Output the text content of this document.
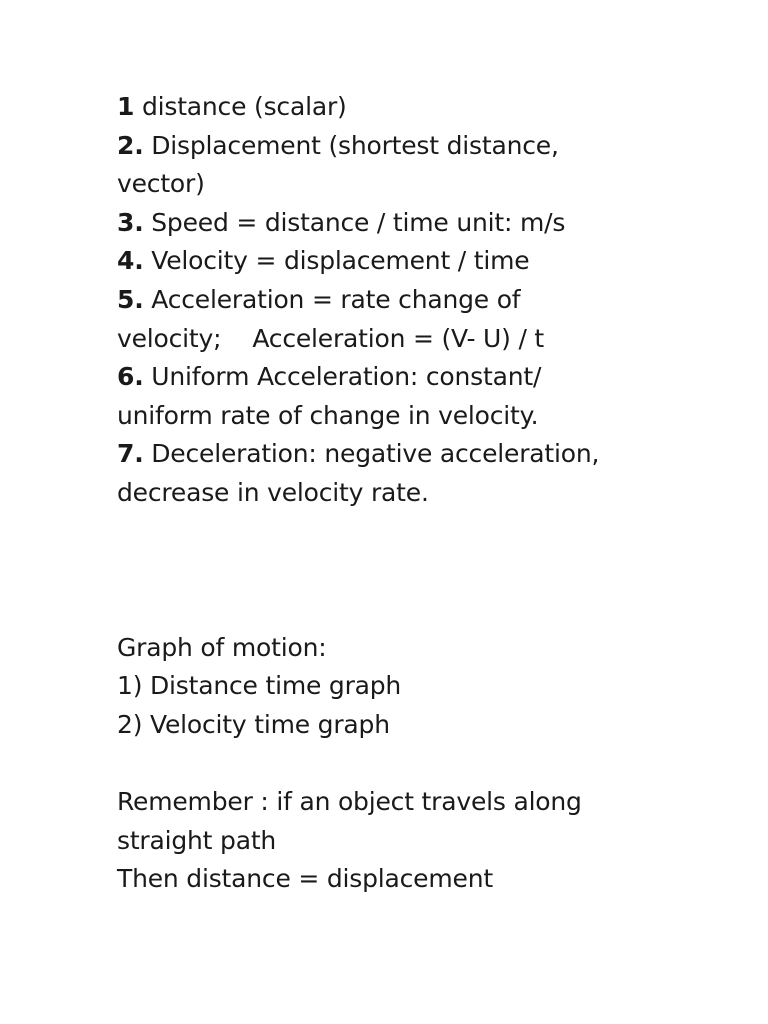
1 distance (scalar)
2. Displacement (shortest distance,
vector)
3. Speed = distance / time unit: m/s
4. Velocity = displacement / time
5. Acceleration = rate change of
velocity;    Acceleration = (V- U) / t
6. Uniform Acceleration: constant/
uniform rate of change in velocity.
7. Deceleration: negative acceleration,
decrease in velocity rate.
Graph of motion:
1) Distance time graph
2) Velocity time graph
Remember : if an object travels along
straight path
Then distance = displacement
